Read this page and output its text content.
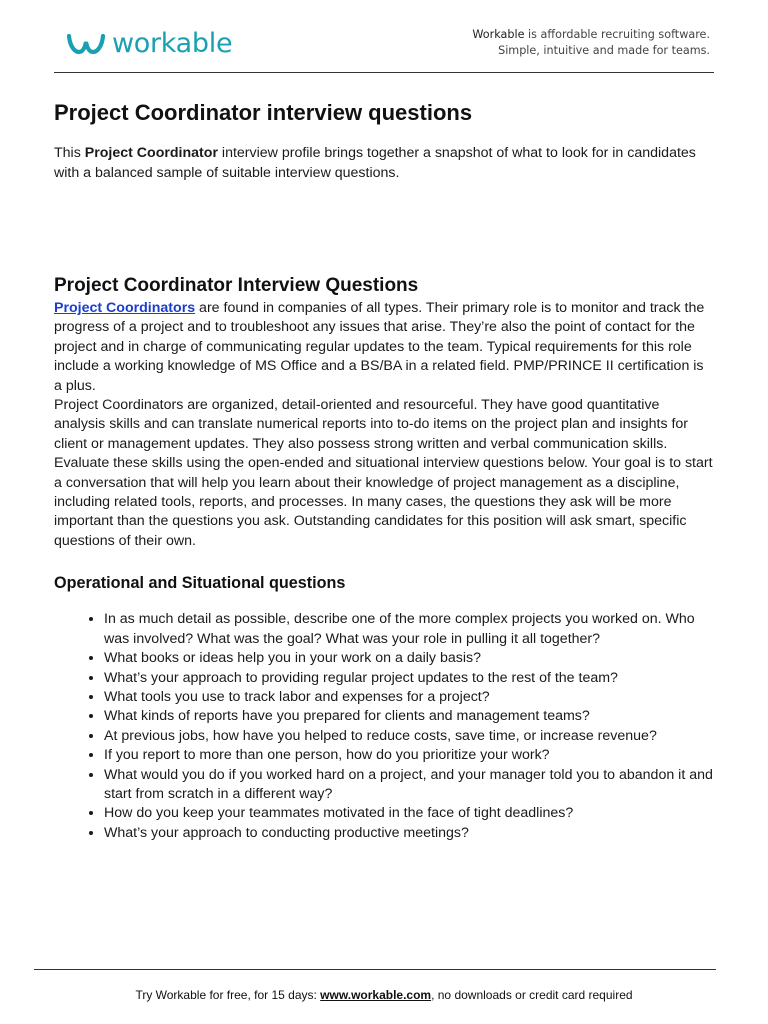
workable	Workable is affordable recruiting software.
Simple, intuitive and made for teams.
Project Coordinator interview questions

This Project Coordinator interview profile brings together a snapshot of what to look for in candidates with a balanced sample of suitable interview questions.

Project Coordinator Interview Questions

Project Coordinators are found in companies of all types. Their primary role is to monitor and track the progress of a project and to troubleshoot any issues that arise. They’re also the point of contact for the project and in charge of communicating regular updates to the team. Typical requirements for this role include a working knowledge of MS Office and a BS/BA in a related field. PMP/PRINCE II certification is a plus.

Project Coordinators are organized, detail-oriented and resourceful. They have good quantitative analysis skills and can translate numerical reports into to-do items on the project plan and insights for client or management updates. They also possess strong written and verbal communication skills.

Evaluate these skills using the open-ended and situational interview questions below. Your goal is to start a conversation that will help you learn about their knowledge of project management as a discipline, including related tools, reports, and processes. In many cases, the questions they ask will be more important than the questions you ask. Outstanding candidates for this position will ask smart, specific questions of their own.

Operational and Situational questions
• In as much detail as possible, describe one of the more complex projects you worked on. Who was involved? What was the goal? What was your role in pulling it all together?
• What books or ideas help you in your work on a daily basis?
• What’s your approach to providing regular project updates to the rest of the team?
• What tools you use to track labor and expenses for a project?
• What kinds of reports have you prepared for clients and management teams?
• At previous jobs, how have you helped to reduce costs, save time, or increase revenue?
• If you report to more than one person, how do you prioritize your work?
• What would you do if you worked hard on a project, and your manager told you to abandon it and start from scratch in a different way?
• How do you keep your teammates motivated in the face of tight deadlines?
• What’s your approach to conducting productive meetings?
Try Workable for free, for 15 days: www.workable.com, no downloads or credit card required
